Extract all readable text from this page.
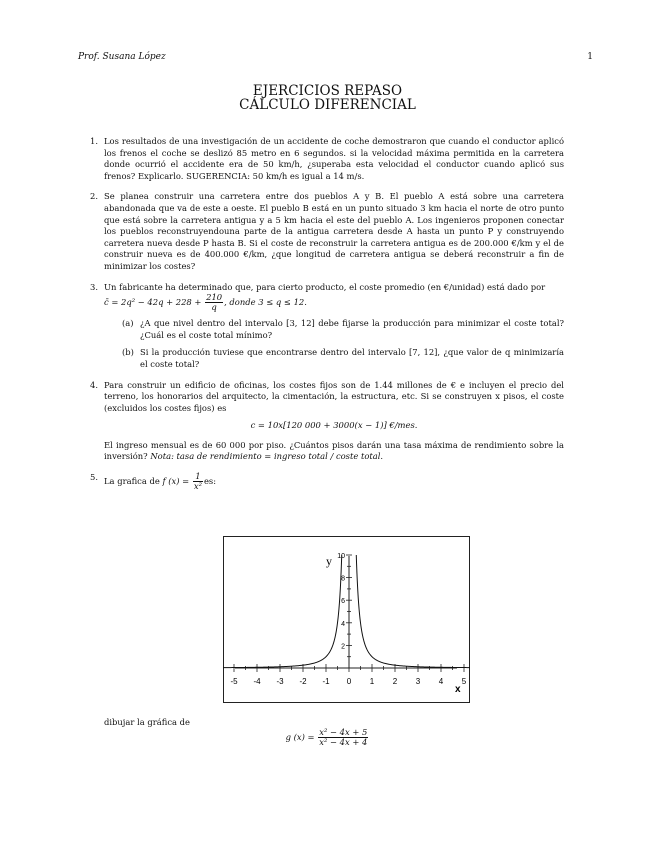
Prof. Susana López	1
EJERCICIOS REPASO
CÁLCULO DIFERENCIAL
1. Los resultados de una investigación de un accidente de coche demostraron que cuando el conductor aplicó los frenos el coche se deslizó 85 metro en 6 segundos. si la velocidad máxima permitida en la carretera donde ocurrió el accidente era de 50 km/h, ¿superaba esta velocidad el conductor cuando aplicó sus frenos? Explicarlo. SUGERENCIA: 50 km/h es igual a 14 m/s.
2. Se planea construir una carretera entre dos pueblos A y B. El pueblo A está sobre una carretera abandonada que va de este a oeste. El pueblo B está en un punto situado 3 km hacia el norte de otro punto que está sobre la carretera antigua y a 5 km hacia el este del pueblo A. Los ingenieros proponen conectar los pueblos reconstruyendouna parte de la antigua carretera desde A hasta un punto P y construyendo carretera nueva desde P hasta B. Si el coste de reconstruir la carretera antigua es de 200.000 €/km y el de construir nueva es de 400.000 €/km, ¿que longitud de carretera antigua se deberá reconstruir a fin de minimizar los costes?
3. Un fabricante ha determinado que, para cierto producto, el coste promedio (en €/unidad) está dado por
c̄ = $2q^2 - 42q + 228 + \frac{210}{q}$ , donde 3 ≤ q ≤ 12.
(a) ¿A que nivel dentro del intervalo [3, 12] debe fijarse la producción para minimizar el coste total? ¿Cuál es el coste total mínimo?
(b) Si la producción tuviese que encontrarse dentro del intervalo [7, 12], ¿que valor de q minimizaría el coste total?
4. Para construir un edificio de oficinas, los costes fijos son de 1.44 millones de € e incluyen el precio del terreno, los honorarios del arquitecto, la cimentación, la estructura, etc. Si se construyen x pisos, el coste (excluidos los costes fijos) es
c = 10x[120 000 + 3000(x − 1)] €/mes.
El ingreso mensual es de 60 000 por piso. ¿Cuántos pisos darán una tasa máxima de rendimiento sobre la inversión? Nota: tasa de rendimiento = ingreso total / coste total.
5. La grafica de f $(x) = \frac{1}{\text{x²}}$ es:
-5 -4 -3 -2 -1 0 1 2 3 4 5
2
4
6
8
10
y
x
dibujar la gráfica de
g $(x) = \frac{\text{x² − 4x + 5}}{\text{x² − 4x + 4}}$
